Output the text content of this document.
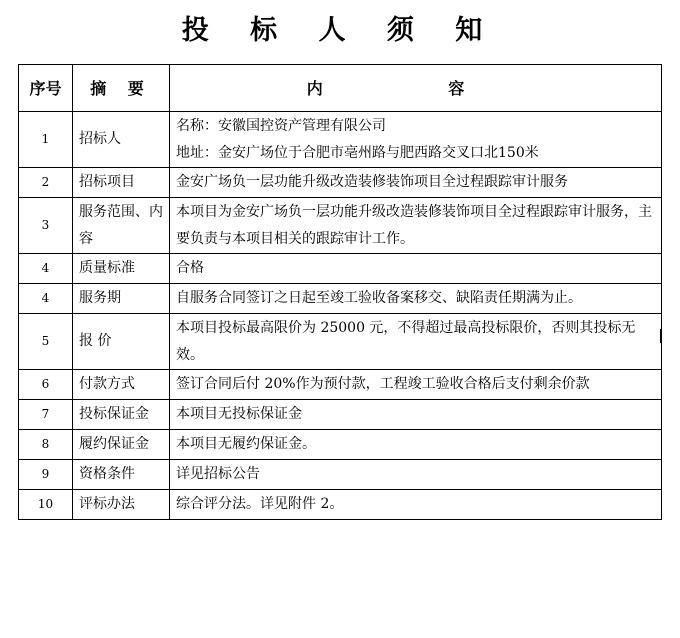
投 标 人 须 知
序号	摘 要	内 容
1	招标人	名称：安徽国控资产管理有限公司
地址：金安广场位于合肥市亳州路与肥西路交叉口北150米

2	招标项目	金安广场负一层功能升级改造装修装饰项目全过程跟踪审计服务

3	服务范围、内容	本项目为金安广场负一层功能升级改造装修装饰项目全过程跟踪审计服务，主要负责与本项目相关的跟踪审计工作。

4	质量标准	合格

4	服务期	自服务合同签订之日起至竣工验收备案移交、缺陷责任期满为止。

5	报 价	本项目投标最高限价为 25000 元，不得超过最高投标限价，否则其投标无效。

6	付款方式	签订合同后付 20%作为预付款，工程竣工验收合格后支付剩余价款

7	投标保证金	本项目无投标保证金

8	履约保证金	本项目无履约保证金。

9	资格条件	详见招标公告

10	评标办法	综合评分法。详见附件 2。
